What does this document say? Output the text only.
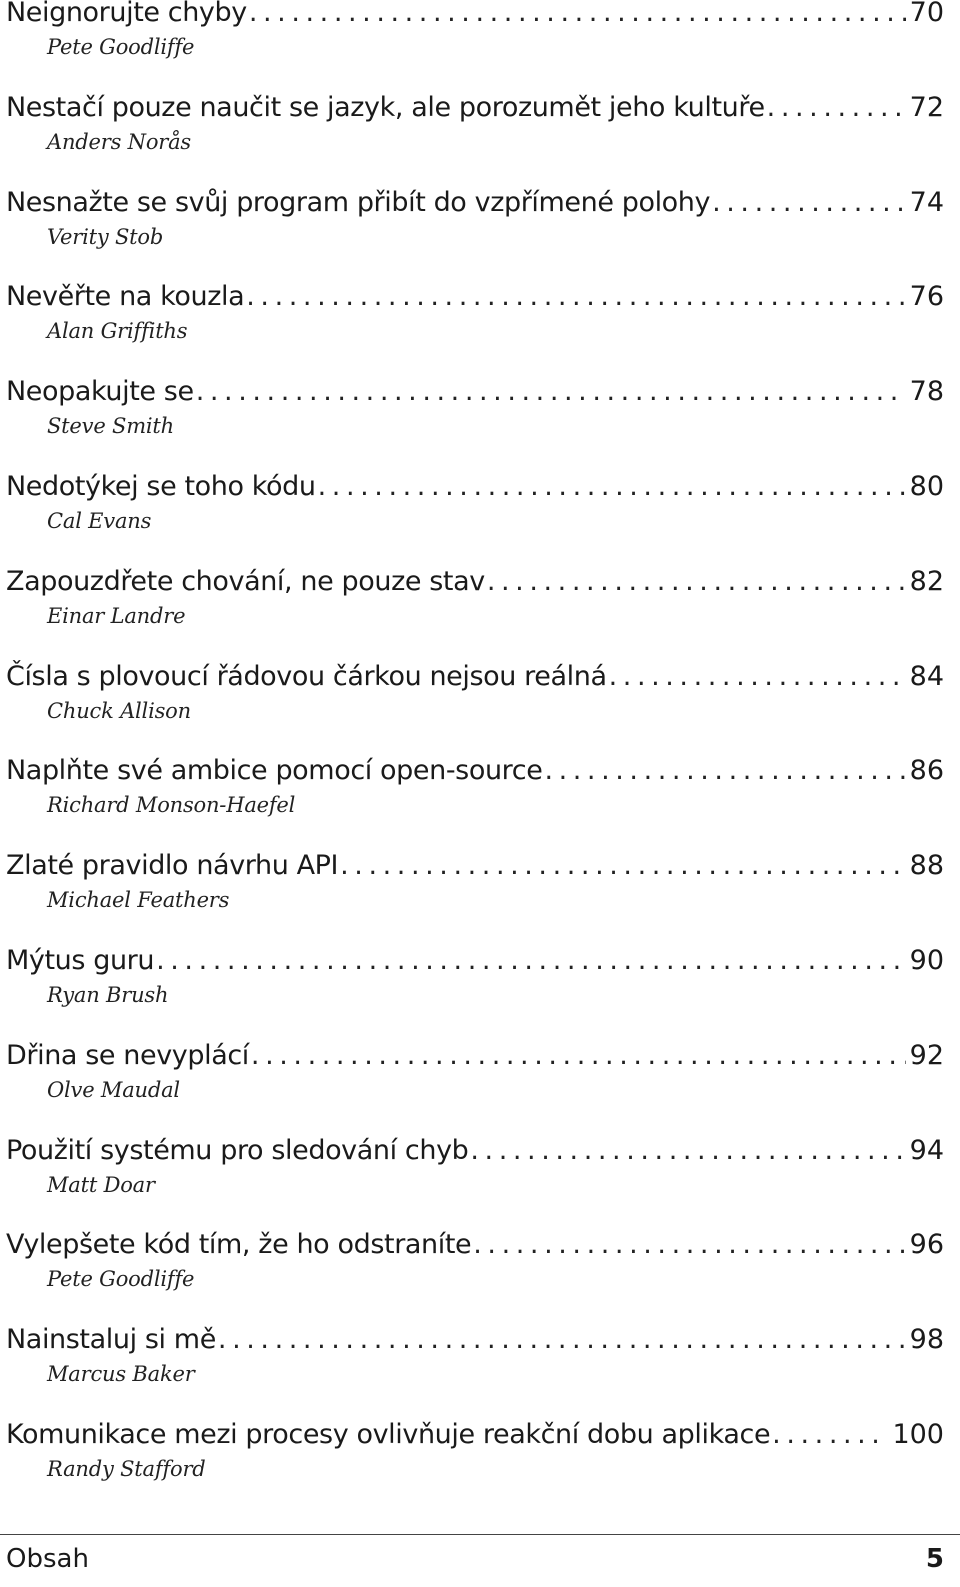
Neignorujte chyby . . .	70
Pete Goodliffe
Nestačí pouze naučit se jazyk, ale porozumět jeho kultuře . . .	72
Anders Norås
Nesnažte se svůj program přibít do vzpřímené polohy . . .	74
Verity Stob
Nevěřte na kouzla . . .	76
Alan Griffiths
Neopakujte se . . .	78
Steve Smith
Nedotýkej se toho kódu . . .	80
Cal Evans
Zapouzdřete chování, ne pouze stav . . .	82
Einar Landre
Čísla s plovoucí řádovou čárkou nejsou reálná . . .	84
Chuck Allison
Naplňte své ambice pomocí open-source . . .	86
Richard Monson-Haefel
Zlaté pravidlo návrhu API . . .	88
Michael Feathers
Mýtus guru . . .	90
Ryan Brush
Dřina se nevyplácí . . .	92
Olve Maudal
Použití systému pro sledování chyb . . .	94
Matt Doar
Vylepšete kód tím, že ho odstraníte . . .	96
Pete Goodliffe
Nainstaluj si mě . . .	98
Marcus Baker
Komunikace mezi procesy ovlivňuje reakční dobu aplikace . . .	100
Randy Stafford
Obsah	5
